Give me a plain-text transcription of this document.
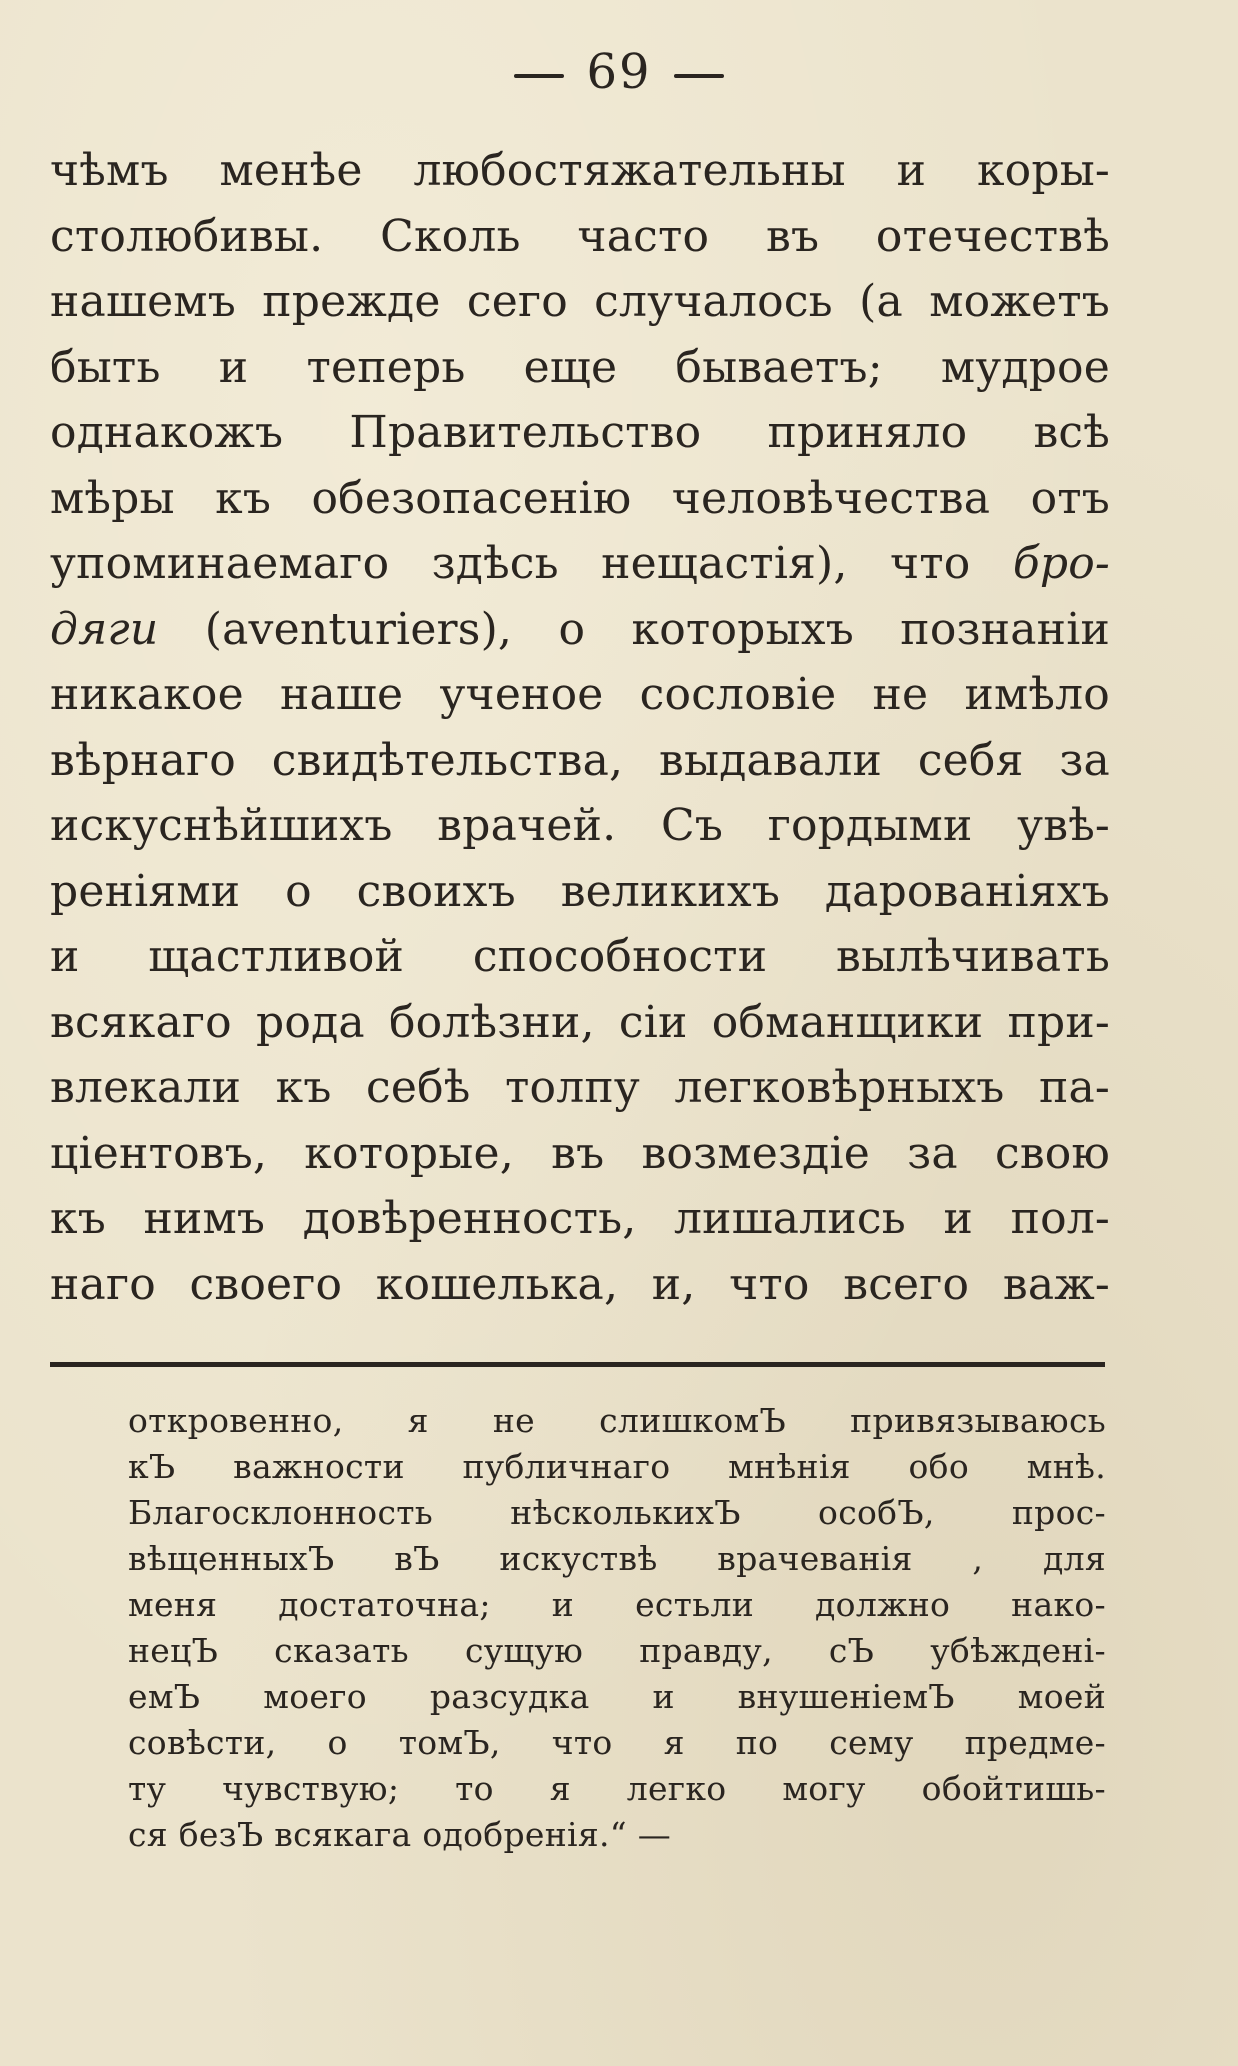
69
чѣмъ менѣе любостяжательны и коры-
столюбивы. Сколь часто въ отечествѣ
нашемъ прежде сего случалось (а можетъ
быть и теперь еще бываетъ; мудрое
однакожъ Правительство приняло всѣ
мѣры къ обезопасенію человѣчества отъ
упоминаемаго здѣсь нещастія), что бро-
дяги (aventuriers), о которыхъ познаніи
никакое наше ученое сословіе не имѣло
вѣрнаго свидѣтельства, выдавали себя за
искуснѣйшихъ врачей. Съ гордыми увѣ-
реніями о своихъ великихъ дарованіяхъ
и щастливой способности вылѣчивать
всякаго рода болѣзни, сіи обманщики при-
влекали къ себѣ толпу легковѣрныхъ па-
ціентовъ, которые, въ возмездіе за свою
къ нимъ довѣренность, лишались и пол-
наго своего кошелька, и, что всего важ-
откровенно, я не слишкомЪ привязываюсь
кЪ важности публичнаго мнѣнія обо мнѣ.
Благосклонность нѣсколькихЪ особЪ, прос-
вѣщенныхЪ вЪ искуствѣ врачеванія , для
меня достаточна; и естьли должно нако-
нецЪ сказать сущую правду, сЪ убѣждені-
емЪ моего разсудка и внушеніемЪ моей
совѣсти, о томЪ, что я по сему предме-
ту чувствую; то я легко могу обойтишь-
ся безЪ всякага одобренія.“ —
